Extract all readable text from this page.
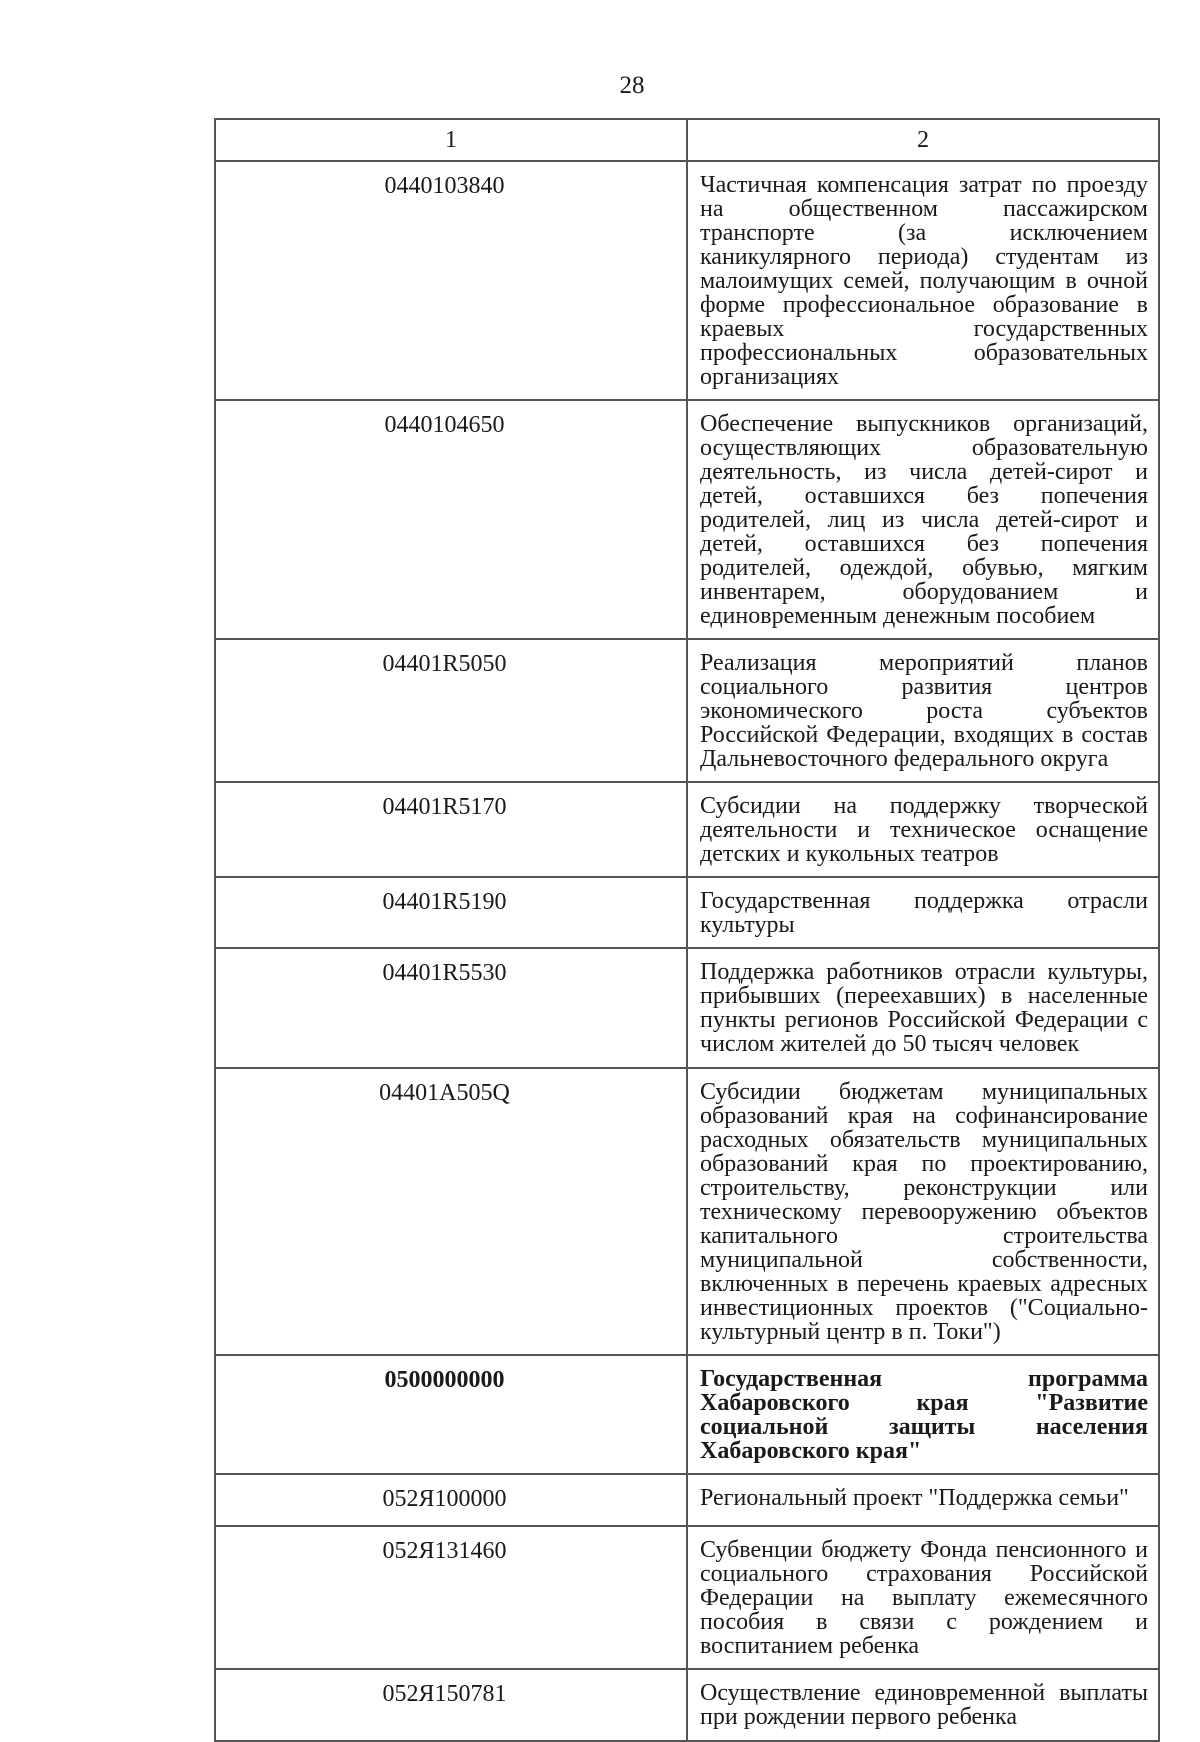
28
1	2
0440103840	Частичная компенсация затрат по проезду на общественном пассажирском транспорте (за исключением каникулярного периода) студентам из малоимущих семей, получающим в очной форме профессиональное образование в краевых государственных профессиональных образовательных организациях
0440104650	Обеспечение выпускников организаций, осуществляющих образовательную деятельность, из числа детей-сирот и детей, оставшихся без попечения родителей, лиц из числа детей-сирот и детей, оставшихся без попечения родителей, одеждой, обувью, мягким инвентарем, оборудованием и единовременным денежным пособием
04401R5050	Реализация мероприятий планов социального развития центров экономического роста субъектов Российской Федерации, входящих в состав Дальневосточного федерального округа
04401R5170	Субсидии на поддержку творческой деятельности и техническое оснащение детских и кукольных театров
04401R5190	Государственная поддержка отрасли культуры
04401R5530	Поддержка работников отрасли культуры, прибывших (переехавших) в населенные пункты регионов Российской Федерации с числом жителей до 50 тысяч человек
04401A505Q	Субсидии бюджетам муниципальных образований края на софинансирование расходных обязательств муниципальных образований края по проектированию, строительству, реконструкции или техническому перевооружению объектов капитального строительства муниципальной собственности, включенных в перечень краевых адресных инвестиционных проектов ("Социально-культурный центр в п. Токи")
0500000000	Государственная программа Хабаровского края "Развитие социальной защиты населения Хабаровского края"
052Я100000	Региональный проект "Поддержка семьи"
052Я131460	Субвенции бюджету Фонда пенсионного и социального страхования Российской Федерации на выплату ежемесячного пособия в связи с рождением и воспитанием ребенка
052Я150781	Осуществление единовременной выплаты при рождении первого ребенка
